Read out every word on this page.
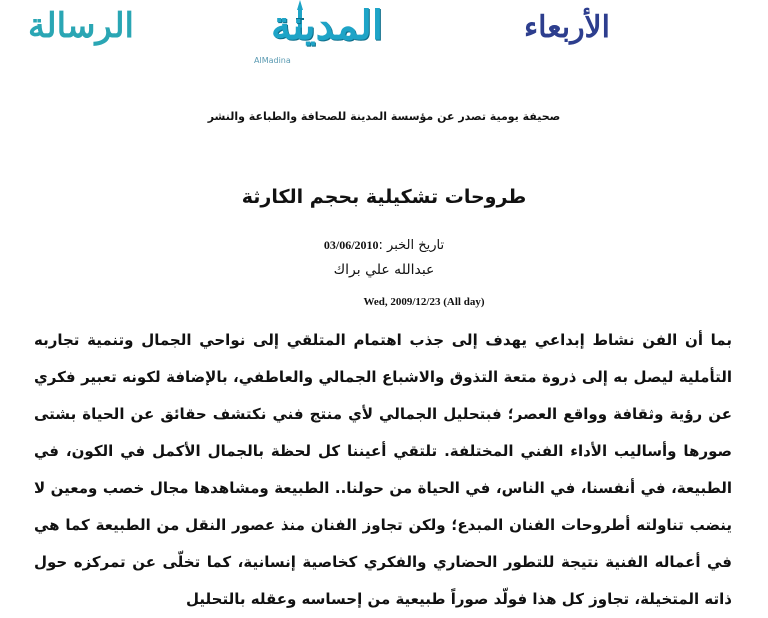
الرسالة	المدينة
AlMadina
الأربعاء
صحيفة يومية تصدر عن مؤسسة المدينة للصحافة والطباعة والنشر
طروحات تشكيلية بحجم الكارثة
تاريخ الخبر :03/06/2010
عبدالله علي براك
Wed, 2009/12/23 (All day)
بما أن الفن نشاط إبداعي يهدف إلى جذب اهتمام المتلقي إلى نواحي الجمال وتنمية تجاربه التأملية ليصل به إلى ذروة متعة التذوق والاشباع الجمالي والعاطفي، بالإضافة لكونه تعبير فكري عن رؤية وثقافة وواقع العصر؛ فبتحليل الجمالي لأي منتج فني نكتشف حقائق عن الحياة بشتى صورها وأساليب الأداء الفني المختلفة. تلتقي أعيننا كل لحظة بالجمال الأكمل في الكون، في الطبيعة، في أنفسنا، في الناس، في الحياة من حولنا.. الطبيعة ومشاهدها مجال خصب ومعين لا ينضب تناولته أطروحات الفنان المبدع؛ ولكن تجاوز الفنان منذ عصور النقل من الطبيعة كما هي في أعماله الفنية نتيجة للتطور الحضاري والفكري كخاصية إنسانية، كما تخلّى عن تمركزه حول ذاته المتخيلة، تجاوز كل هذا فولّد صوراً طبيعية من إحساسه وعقله بالتحليل
